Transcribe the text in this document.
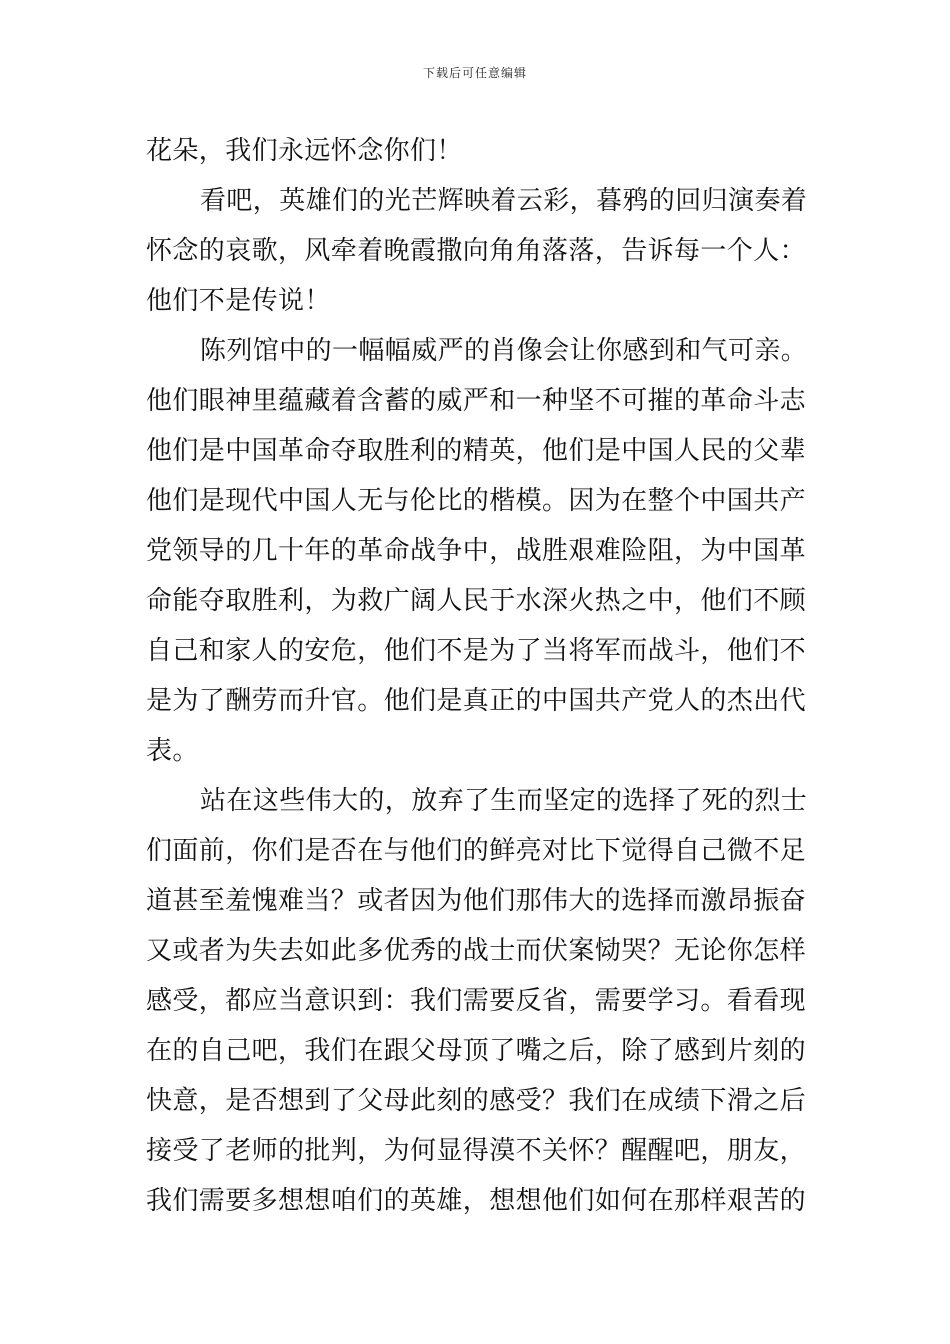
下载后可任意编辑
花朵，我们永远怀念你们！
看吧，英雄们的光芒辉映着云彩，暮鸦的回归演奏着
怀念的哀歌，风牵着晚霞撒向角角落落，告诉每一个人：
他们不是传说！
陈列馆中的一幅幅威严的肖像会让你感到和气可亲。
他们眼神里蕴藏着含蓄的威严和一种坚不可摧的革命斗志
他们是中国革命夺取胜利的精英，他们是中国人民的父辈
他们是现代中国人无与伦比的楷模。因为在整个中国共产
党领导的几十年的革命战争中，战胜艰难险阻，为中国革
命能夺取胜利，为救广阔人民于水深火热之中，他们不顾
自己和家人的安危，他们不是为了当将军而战斗，他们不
是为了酬劳而升官。他们是真正的中国共产党人的杰出代
表。
站在这些伟大的，放弃了生而坚定的选择了死的烈士
们面前，你们是否在与他们的鲜亮对比下觉得自己微不足
道甚至羞愧难当？或者因为他们那伟大的选择而激昂振奋
又或者为失去如此多优秀的战士而伏案恸哭？无论你怎样
感受，都应当意识到：我们需要反省，需要学习。看看现
在的自己吧，我们在跟父母顶了嘴之后，除了感到片刻的
快意，是否想到了父母此刻的感受？我们在成绩下滑之后
接受了老师的批判，为何显得漠不关怀？醒醒吧，朋友，
我们需要多想想咱们的英雄，想想他们如何在那样艰苦的
